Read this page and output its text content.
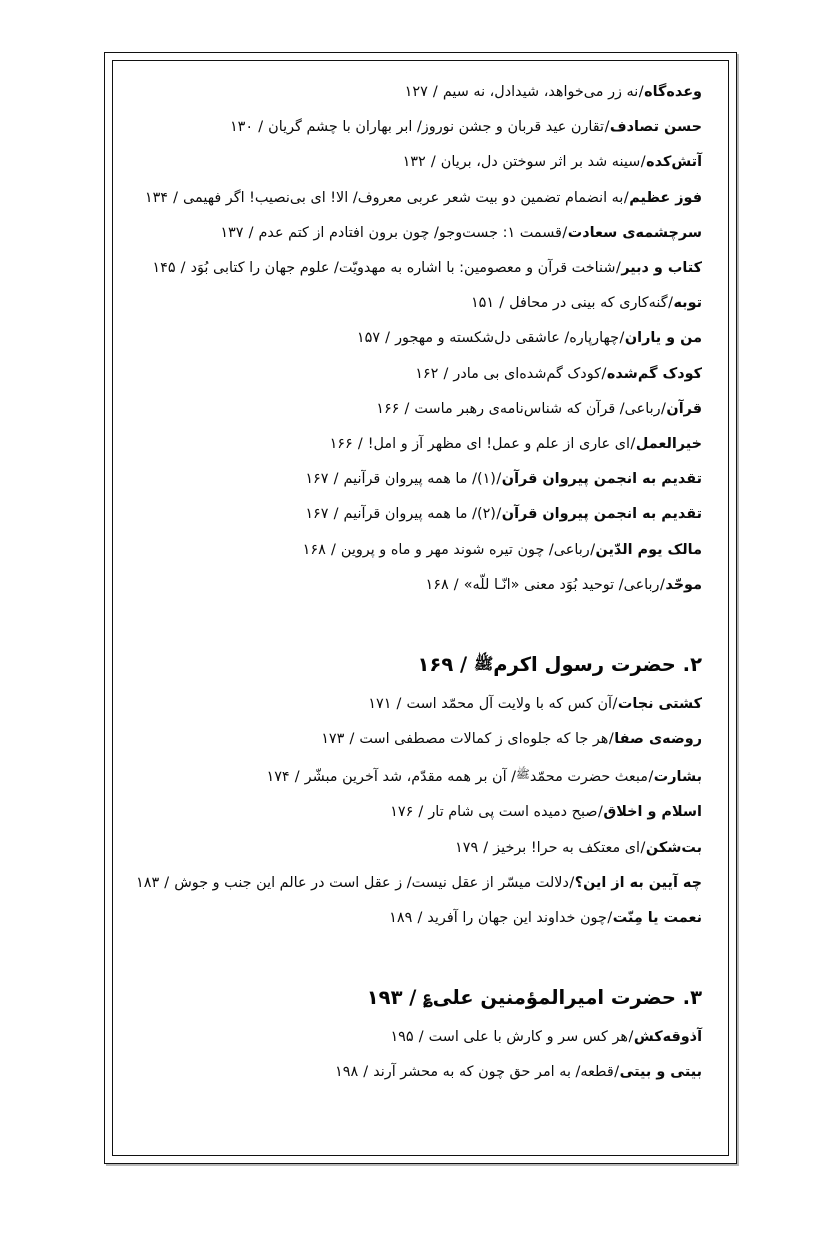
وعده‌گاه/نه زر می‌خواهد، شیدادل، نه سیم / ۱۲۷
حسن تصادف/تقارن عید قربان و جشن نوروز/ ابر بهاران با چشم گریان / ۱۳۰
آتش‌کده/سینه شد بر اثر سوختن دل، بریان / ۱۳۲
فوز عظیم/به انضمام تضمین دو بیت شعر عربی معروف/ الا! ای بی‌نصیب! اگر فهیمی / ۱۳۴
سرچشمه‌ی سعادت/قسمت ۱: جست‌وجو/ چون برون افتادم از کتم عدم / ۱۳۷
کتاب و دبیر/شناخت قرآن و معصومین: با اشاره به مهدویّت/ علوم جهان را کتابی بُوَد / ۱۴۵
توبه/گنه‌کاری که بینی در محافل / ۱۵۱
من و یاران/چهارپاره/ عاشقی دل‌شکسته و مهجور / ۱۵۷
کودک گم‌شده/کودک گم‌شده‌ای بی مادر / ۱۶۲
قرآن/رباعی/ قرآن که شناس‌نامه‌ی رهبر ماست / ۱۶۶
خیرالعمل/ای عاری از علم و عمل! ای مظهر آز و امل! / ۱۶۶
تقدیم به انجمن پیروان قرآن/(۱)/ ما همه پیروان قرآنیم / ۱۶۷
تقدیم به انجمن پیروان قرآن/(۲)/ ما همه پیروان قرآنیم / ۱۶۷
مالک یوم الدّین/رباعی/ چون تیره شوند مهر و ماه و پروین / ۱۶۸
موحّد/رباعی/ توحید بُوَد معنی «انّـا للّه» / ۱۶۸
۲. حضرت رسول اکرمﷺ / ۱۶۹
کشتی نجات/آن کس که با ولایت آل محمّد است / ۱۷۱
روضه‌ی صفا/هر جا که جلوه‌ای ز کمالات مصطفی است / ۱۷۳
بشارت/مبعث حضرت محمّدﷺ/ آن بر همه مقدّم، شد آخرین مبشّر / ۱۷۴
اسلام و اخلاق/صبح دمیده است پی شام تار / ۱۷۶
بت‌شکن/ای معتکف به حرا! برخیز / ۱۷۹
چه آیین به از این؟/دلالت میسّر از عقل نیست/ ز عقل است در عالم این جنب و جوش / ۱۸۳
نعمت یا مِنّت/چون خداوند این جهان را آفرید / ۱۸۹
۳. حضرت امیرالمؤمنین علی؏ / ۱۹۳
آذوقه‌کش/هر کس سر و کارش با علی است / ۱۹۵
بیتی و بیتی/قطعه/ به امر حق چون که به محشر آرند / ۱۹۸
